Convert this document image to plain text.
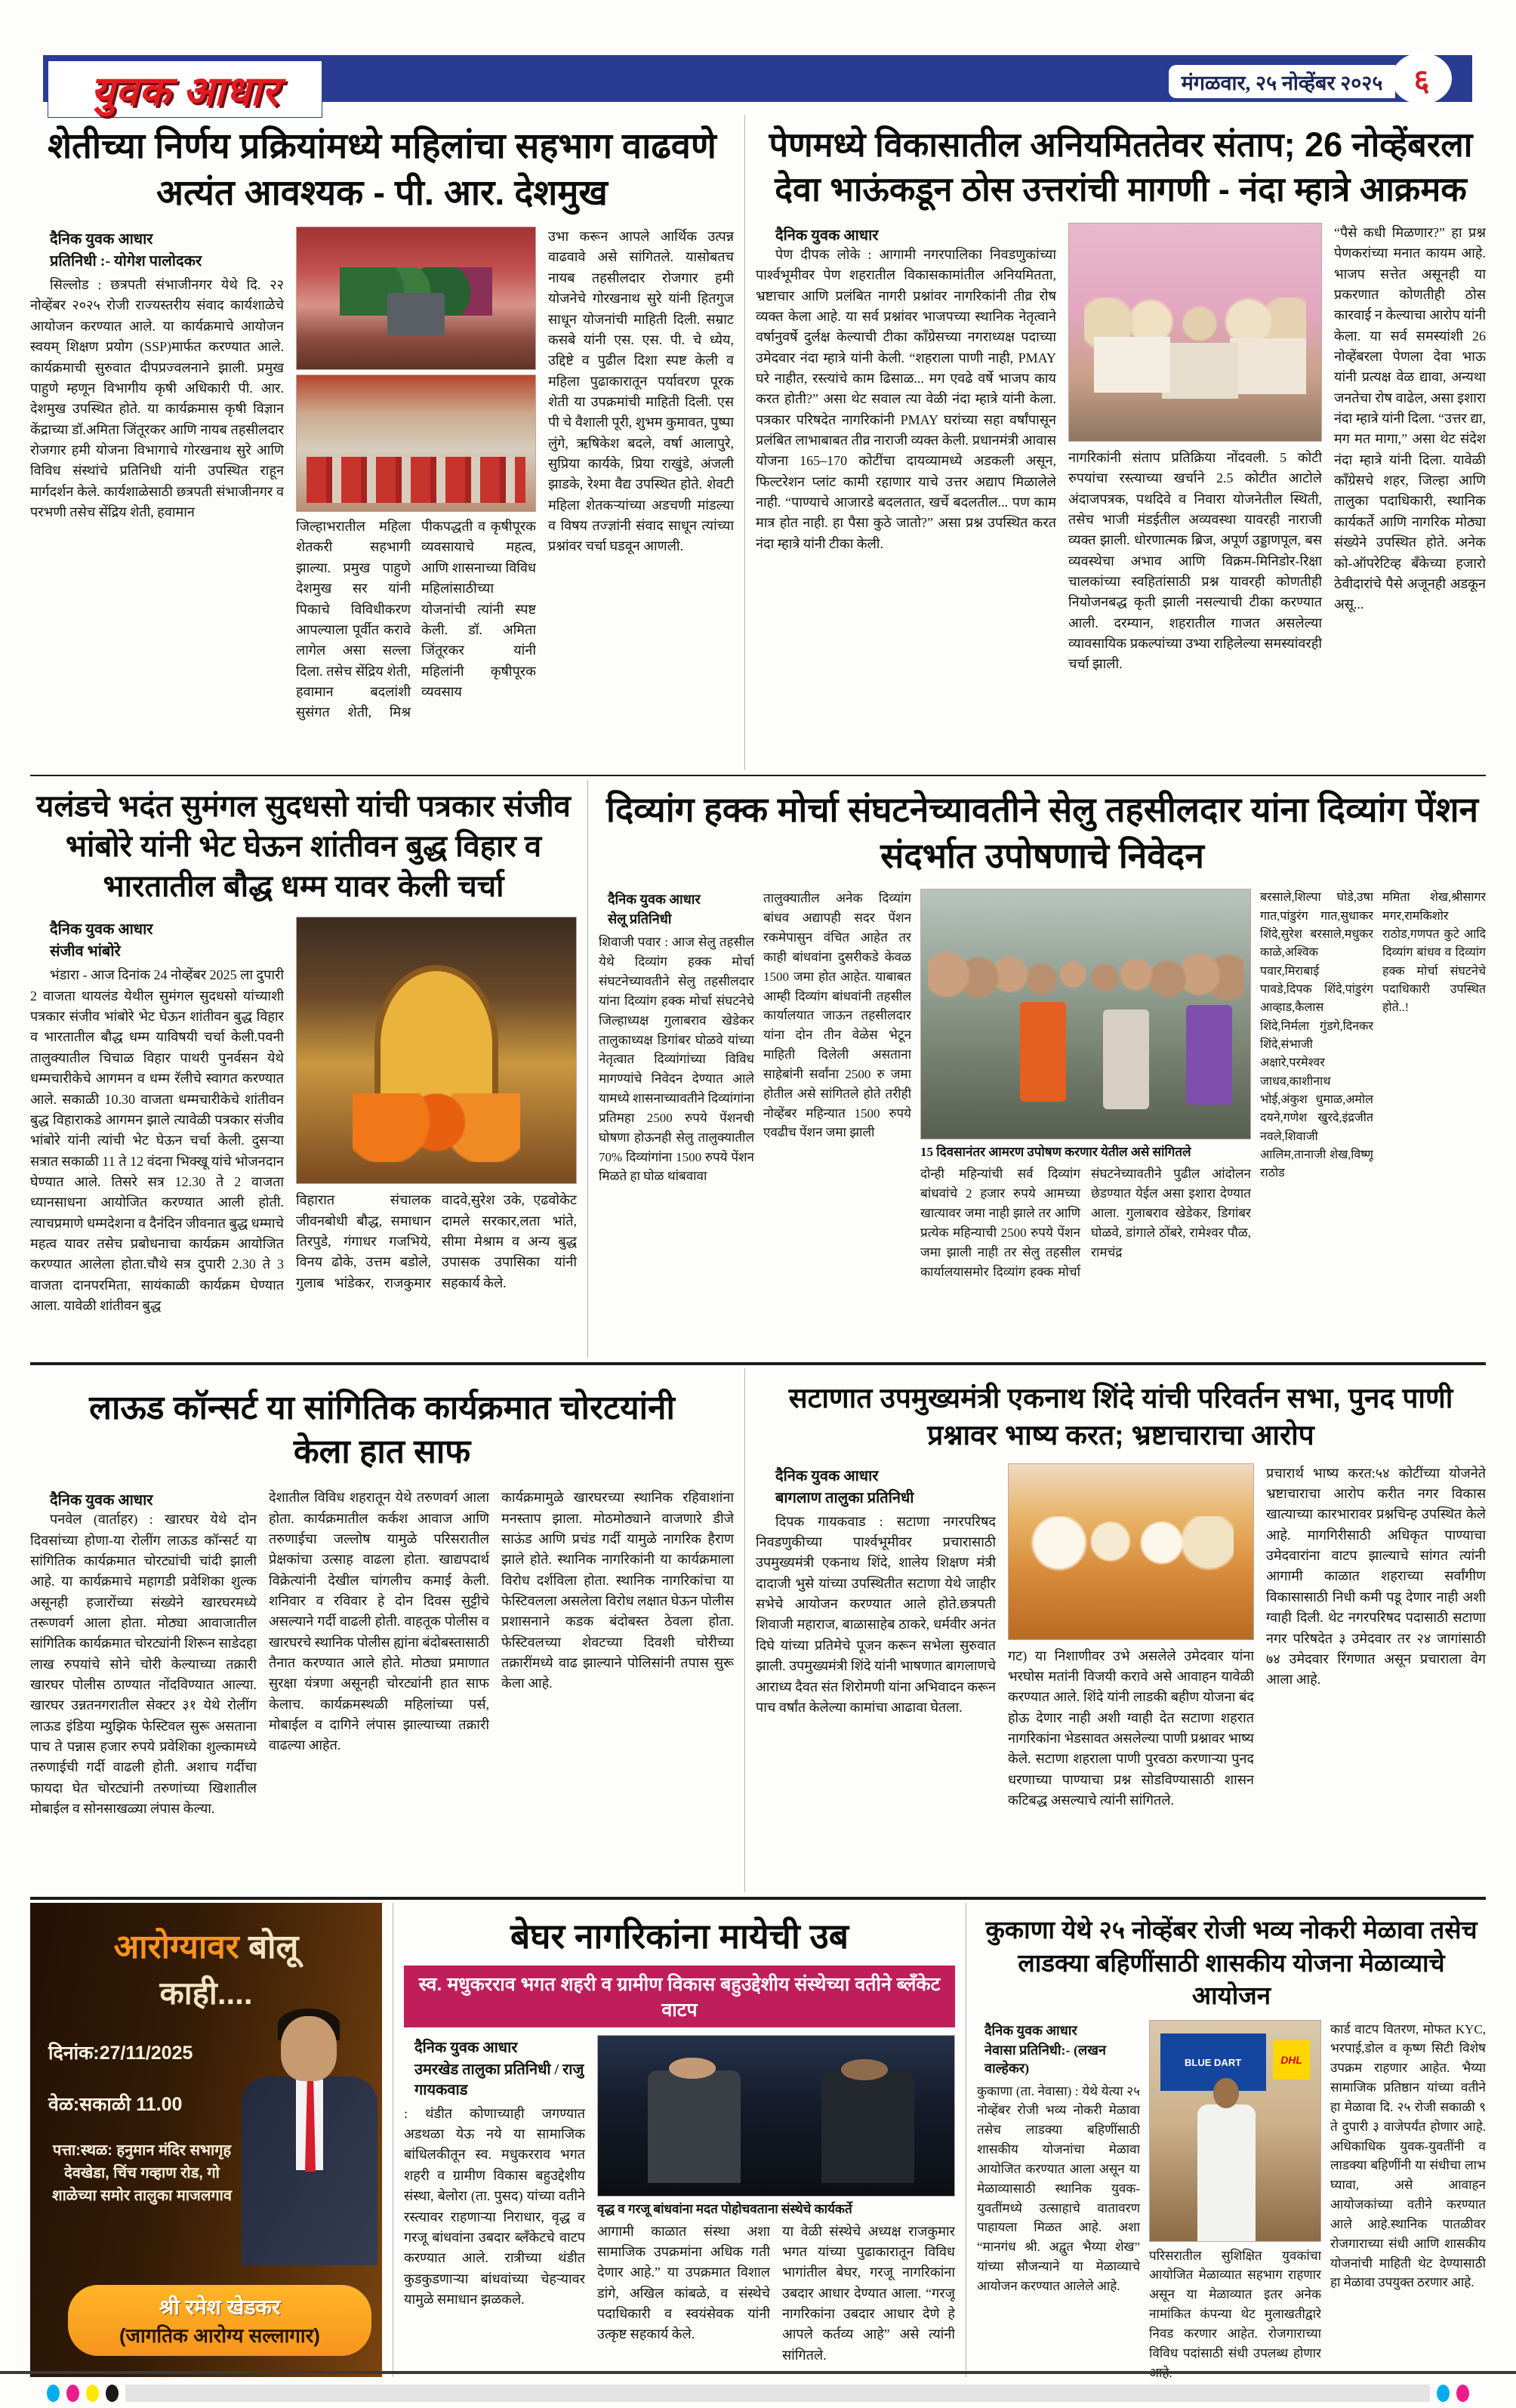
युवक आधार	मंगळवार, २५ नोव्हेंबर २०२५ ६
शेतीच्या निर्णय प्रक्रियांमध्ये महिलांचा सहभाग वाढवणे अत्यंत आवश्यक - पी. आर. देशमुख
दैनिक युवक आधार
प्रतिनिधी :- योगेश पालोदकर
सिल्लोड : छत्रपती संभाजीनगर येथे दि. २२ नोव्हेंबर २०२५ रोजी राज्यस्तरीय संवाद कार्यशाळेचे आयोजन करण्यात आले. या कार्यक्रमाचे आयोजन स्वयम् शिक्षण प्रयोग (SSP)मार्फत करण्यात आले. कार्यक्रमाची सुरुवात दीपप्रज्वलनाने झाली. प्रमुख पाहुणे म्हणून विभागीय कृषी अधिकारी पी. आर. देशमुख उपस्थित होते. या कार्यक्रमास कृषी विज्ञान केंद्राच्या डॉ.अमिता जिंतूरकर आणि नायब तहसीलदार रोजगार हमी योजना विभागाचे गोरखनाथ सुरे आणि विविध संस्थांचे प्रतिनिधी यांनी उपस्थित राहून मार्गदर्शन केले. कार्यशाळेसाठी छत्रपती संभाजीनगर व परभणी तसेच सेंद्रिय शेती, हवामान
जिल्हाभरातील महिला शेतकरी सहभागी झाल्या. प्रमुख पाहुणे देशमुख सर यांनी पिकाचे विविधीकरण आपल्याला पूर्वीत करावे लागेल असा सल्ला दिला. तसेच सेंद्रिय शेती, हवामान बदलांशी सुसंगत शेती, मिश्र पीकपद्धती व कृषीपूरक व्यवसायाचे महत्व, आणि शासनाच्या विविध महिलांसाठीच्या योजनांची त्यांनी स्पष्ट केली. डॉ. अमिता जिंतूरकर यांनी महिलांनी कृषीपूरक व्यवसाय
उभा करून आपले आर्थिक उत्पन्न वाढवावे असे सांगितले. यासोबतच नायब तहसीलदार रोजगार हमी योजनेचे गोरखनाथ सुरे यांनी हितगुज साधून योजनांची माहिती दिली. सम्राट कसबे यांनी एस. एस. पी. चे ध्येय, उद्दिष्टे व पुढील दिशा स्पष्ट केली व महिला पुढाकारातून पर्यावरण पूरक शेती या उपक्रमांची माहिती दिली. एस पी चे वैशाली पूरी, शुभम कुमावत, पुष्पा लुंगे, ऋषिकेश बदले, वर्षा आलापुरे, सुप्रिया कार्यके, प्रिया राखुंडे, अंजली झाडके, रेश्मा वैद्य उपस्थित होते. शेवटी महिला शेतकऱ्यांच्या अडचणी मांडल्या व विषय तज्ज्ञांनी संवाद साधून त्यांच्या प्रश्नांवर चर्चा घडवून आणली.
पेणमध्ये विकासातील अनियमिततेवर संताप; 26 नोव्हेंबरला देवा भाऊंकडून ठोस उत्तरांची मागणी - नंदा म्हात्रे आक्रमक
दैनिक युवक आधार
पेण दीपक लोके : आगामी नगरपालिका निवडणुकांच्या पार्श्वभूमीवर पेण शहरातील विकासकामांतील अनियमितता, भ्रष्टाचार आणि प्रलंबित नागरी प्रश्नांवर नागरिकांनी तीव्र रोष व्यक्त केला आहे. या सर्व प्रश्नांवर भाजपच्या स्थानिक नेतृत्वाने वर्षानुवर्षे दुर्लक्ष केल्याची टीका काँग्रेसच्या नगराध्यक्ष पदाच्या उमेदवार नंदा म्हात्रे यांनी केली. “शहराला पाणी नाही, PMAY घरे नाहीत, रस्त्यांचे काम ढिसाळ... मग एवढे वर्षे भाजप काय करत होती?” असा थेट सवाल त्या वेळी नंदा म्हात्रे यांनी केला. पत्रकार परिषदेत नागरिकांनी PMAY घरांच्या सहा वर्षांपासून प्रलंबित लाभाबाबत तीव्र नाराजी व्यक्त केली. प्रधानमंत्री आवास योजना 165–170 कोटींचा दायव्यामध्ये अडकली असून, फिल्टरेशन प्लांट कामी रहाणार याचे उत्तर अद्याप मिळालेले नाही. “पाण्याचे आजारडे बदलतात, खर्चे बदलतील... पण काम मात्र होत नाही. हा पैसा कुठे जातो?” असा प्रश्न उपस्थित करत नंदा म्हात्रे यांनी टीका केली.
नागरिकांनी संताप प्रतिक्रिया नोंदवली. 5 कोटी रुपयांचा रस्त्याच्या खर्चाने 2.5 कोटीत आटोले अंदाजपत्रक, पथदिवे व निवारा योजनेतील स्थिती, तसेच भाजी मंडईतील अव्यवस्था यावरही नाराजी व्यक्त झाली. धोरणात्मक ब्रिज, अपूर्ण उड्डाणपूल, बस व्यवस्थेचा अभाव आणि विक्रम-मिनिडोर-रिक्षा चालकांच्या स्वहितांसाठी प्रश्न यावरही कोणतीही नियोजनबद्ध कृती झाली नसल्याची टीका करण्यात आली. दरम्यान, शहरातील गाजत असलेल्या व्यावसायिक प्रकल्पांच्या उभ्या राहिलेल्या समस्यांवरही चर्चा झाली.
“पैसे कधी मिळणार?” हा प्रश्न पेणकरांच्या मनात कायम आहे. भाजप सत्तेत असूनही या प्रकरणात कोणतीही ठोस कारवाई न केल्याचा आरोप यांनी केला. या सर्व समस्यांशी 26 नोव्हेंबरला पेणला देवा भाऊ यांनी प्रत्यक्ष वेळ द्यावा, अन्यथा जनतेचा रोष वाढेल, असा इशारा नंदा म्हात्रे यांनी दिला. “उत्तर द्या, मग मत मागा,” असा थेट संदेश नंदा म्हात्रे यांनी दिला. यावेळी काँग्रेसचे शहर, जिल्हा आणि तालुका पदाधिकारी, स्थानिक कार्यकर्ते आणि नागरिक मोठ्या संख्येने उपस्थित होते. अनेक को-ऑपरेटिव्ह बँकेच्या हजारो ठेवीदारांचे पैसे अजूनही अडकून असू...
यलंडचे भदंत सुमंगल सुदधसो यांची पत्रकार संजीव भांबोरे यांनी भेट घेऊन शांतीवन बुद्ध विहार व भारतातील बौद्ध धम्म यावर केली चर्चा
दैनिक युवक आधार
संजीव भांबोरे
भंडारा - आज दिनांक 24 नोव्हेंबर 2025 ला दुपारी 2 वाजता थायलंड येथील सुमंगल सुदधसो यांच्याशी पत्रकार संजीव भांबोरे भेट घेऊन शांतीवन बुद्ध विहार व भारतातील बौद्ध धम्म याविषयी चर्चा केली.पवनी तालुक्यातील चिचाळ विहार पाथरी पुनर्वसन येथे धम्मचारीकेचे आगमन व धम्म रॅलीचे स्वागत करण्यात आले. सकाळी 10.30 वाजता धम्मचारीकेचे शांतीवन बुद्ध विहाराकडे आगमन झाले त्यावेळी पत्रकार संजीव भांबोरे यांनी त्यांची भेट घेऊन चर्चा केली. दुसऱ्या सत्रात सकाळी 11 ते 12 वंदना भिक्खू यांचे भोजनदान घेण्यात आले. तिसरे सत्र 12.30 ते 2 वाजता ध्यानसाधना आयोजित करण्यात आली होती. त्याचप्रमाणे धम्मदेशना व दैनंदिन जीवनात बुद्ध धम्माचे महत्व यावर तसेच प्रबोधनाचा कार्यक्रम आयोजित करण्यात आलेला होता.चौथे सत्र दुपारी 2.30 ते 3 वाजता दानपरमिता, सायंकाळी कार्यक्रम घेण्यात आला. यावेळी शांतीवन बुद्ध
विहारात संचालक जीवनबोधी बौद्ध, समाधान तिरपुडे, गंगाधर गजभिये, विनय ढोके, उत्तम बडोले, गुलाब भांडेकर, राजकुमार वादवे,सुरेश उके, एढवोकेट दामले सरकार,लता भांते, सीमा मेश्राम व अन्य बुद्ध उपासक उपासिका यांनी सहकार्य केले.
दिव्यांग हक्क मोर्चा संघटनेच्यावतीने सेलु तहसीलदार यांना दिव्यांग पेंशन संदर्भात उपोषणाचे निवेदन
दैनिक युवक आधार
सेलू प्रतिनिधी
शिवाजी पवार : आज सेलु तहसील येथे दिव्यांग हक्क मोर्चा संघटनेच्यावतीने सेलु तहसीलदार यांना दिव्यांग हक्क मोर्चा संघटनेचे जिल्हाध्यक्ष गुलाबराव खेडेकर तालुकाध्यक्ष डिगांबर घोळवे यांच्या नेतृत्वात दिव्यांगांच्या विविध मागण्यांचे निवेदन देण्यात आले यामध्ये शासनाच्यावतीने दिव्यांगांना प्रतिमहा 2500 रुपये पेंशनची घोषणा होऊनही सेलु तालुक्यातील 70% दिव्यांगांना 1500 रुपये पेंशन मिळते हा घोळ थांबवावा
तालुक्यातील अनेक दिव्यांग बांधव अद्यापही सदर पेंशन रकमेपासुन वंचित आहेत तर काही बांधवांना दुसरीकडे केवळ 1500 जमा होत आहेत. याबाबत आम्ही दिव्यांग बांधवांनी तहसील कार्यालयात जाऊन तहसीलदार यांना दोन तीन वेळेस भेटून माहिती दिलेली असताना साहेबांनी सर्वांना 2500 रु जमा होतील असे सांगितले होते तरीही नोव्हेंबर महिन्यात 1500 रुपये एवढीच पेंशन जमा झाली
15 दिवसानंतर आमरण उपोषण करणार येतील असे सांगितले
दोन्ही महिन्यांची सर्व दिव्यांग बांधवांचे 2 हजार रुपये आमच्या खात्यावर जमा नाही झाले तर आणि प्रत्येक महिन्याची 2500 रुपये पेंशन जमा झाली नाही तर सेलु तहसील कार्यालयासमोर दिव्यांग हक्क मोर्चा संघटनेच्यावतीने पुढील आंदोलन छेडण्यात येईल असा इशारा देण्यात आला. गुलाबराव खेडेकर, डिगांबर घोळवे, डांगाले ठोंबरे, रामेश्वर पौळ, रामचंद्र
बरसाले,शिल्पा घोडे,उषा गात,पांडुरंग गात,सुधाकर शिंदे,सुरेश बरसाले,मधुकर काळे,अश्विक पवार,मिराबाई पावडे,दिपक शिंदे,पांडुरंग आव्हाड,कैलास शिंदे,निर्मला गुंडगे,दिनकर शिंदे,संभाजी अक्षारे,परमेश्वर जाधव,काशीनाथ भोई,अंकुश धुमाळ,अमोल दयने,गणेश खुरदे,इंद्रजीत नवले,शिवाजी आलिम,तानाजी शेख,विष्णू राठोड
ममिता शेख,श्रीसागर मगर,रामकिशोर राठोड,गणपत कुटे आदि दिव्यांग बांधव व दिव्यांग हक्क मोर्चा संघटनेचे पदाधिकारी उपस्थित होते..!
लाऊड कॉन्सर्ट या सांगितिक कार्यक्रमात चोरटयांनी केला हात साफ
दैनिक युवक आधार
पनवेल (वार्ताहर) : खारघर येथे दोन दिवसांच्या होणा-या रोलींग लाऊड कॉन्सर्ट या सांगितिक कार्यक्रमात चोरट्यांची चांदी झाली आहे. या कार्यक्रमाचे महागडी प्रवेशिका शुल्क असूनही हजारोंच्या संख्येने खारघरमध्ये तरूणवर्ग आला होता. मोठ्या आवाजातील सांगितिक कार्यक्रमात चोरट्यांनी शिरून साडेदहा लाख रुपयांचे सोने चोरी केल्याच्या तक्रारी खारघर पोलीस ठाण्यात नोंदविण्यात आल्या. खारघर उन्नतनगरातील सेक्टर ३१ येथे रोलींग लाऊड इंडिया म्युझिक फेस्टिवल सुरू असताना पाच ते पन्नास हजार रुपये प्रवेशिका शुल्कामध्ये तरुणाईची गर्दी वाढली होती. अशाच गर्दीचा फायदा घेत चोरट्यांनी तरुणांच्या खिशातील मोबाईल व सोनसाखळ्या लंपास केल्या.
देशातील विविध शहरातून येथे तरुणवर्ग आला होता. कार्यक्रमातील कर्कश आवाज आणि तरुणाईचा जल्लोष यामुळे परिसरातील प्रेक्षकांचा उत्साह वाढला होता. खाद्यपदार्थ विक्रेत्यांनी देखील चांगलीच कमाई केली. शनिवार व रविवार हे दोन दिवस सुट्टीचे असल्याने गर्दी वाढली होती. वाहतूक पोलीस व खारघरचे स्थानिक पोलीस ह्यांना बंदोबस्तासाठी तैनात करण्यात आले होते. मोठ्या प्रमाणात सुरक्षा यंत्रणा असूनही चोरट्यांनी हात साफ केलाच. कार्यक्रमस्थळी महिलांच्या पर्स, मोबाईल व दागिने लंपास झाल्याच्या तक्रारी वाढल्या आहेत.
कार्यक्रमामुळे खारघरच्या स्थानिक रहिवाशांना मनस्ताप झाला. मोठमोठ्याने वाजणारे डीजे साऊंड आणि प्रचंड गर्दी यामुळे नागरिक हैराण झाले होते. स्थानिक नागरिकांनी या कार्यक्रमाला विरोध दर्शविला होता. स्थानिक नागरिकांचा या फेस्टिवलला असलेला विरोध लक्षात घेऊन पोलीस प्रशासनाने कडक बंदोबस्त ठेवला होता. फेस्टिवलच्या शेवटच्या दिवशी चोरीच्या तक्रारींमध्ये वाढ झाल्याने पोलिसांनी तपास सुरू केला आहे.
सटाणात उपमुख्यमंत्री एकनाथ शिंदे यांची परिवर्तन सभा, पुनद पाणी प्रश्नावर भाष्य करत; भ्रष्टाचाराचा आरोप
दैनिक युवक आधार
बागलाण तालुका प्रतिनिधी
दिपक गायकवाड : सटाणा नगरपरिषद निवडणुकीच्या पार्श्वभूमीवर प्रचारासाठी उपमुख्यमंत्री एकनाथ शिंदे, शालेय शिक्षण मंत्री दादाजी भुसे यांच्या उपस्थितीत सटाणा येथे जाहीर सभेचे आयोजन करण्यात आले होते.छत्रपती शिवाजी महाराज, बाळासाहेब ठाकरे, धर्मवीर अनंत दिघे यांच्या प्रतिमेचे पूजन करून सभेला सुरुवात झाली. उपमुख्यमंत्री शिंदे यांनी भाषणात बागलाणचे आराध्य दैवत संत शिरोमणी यांना अभिवादन करून पाच वर्षांत केलेल्या कामांचा आढावा घेतला.
गट) या निशाणीवर उभे असलेले उमेदवार यांना भरघोस मतांनी विजयी करावे असे आवाहन यावेळी करण्यात आले. शिंदे यांनी लाडकी बहीण योजना बंद होऊ देणार नाही अशी ग्वाही देत सटाणा शहरात नागरिकांना भेडसावत असलेल्या पाणी प्रश्नावर भाष्य केले. सटाणा शहराला पाणी पुरवठा करणाऱ्या पुनद धरणाच्या पाण्याचा प्रश्न सोडविण्यासाठी शासन कटिबद्ध असल्याचे त्यांनी सांगितले.
प्रचारार्थ भाष्य करत:५४ कोटींच्या योजनेते भ्रष्टाचाराचा आरोप करीत नगर विकास खात्याच्या कारभारावर प्रश्नचिन्ह उपस्थित केले आहे. मागगिरीसाठी अधिकृत पाण्याचा उमेदवारांना वाटप झाल्याचे सांगत त्यांनी आगामी काळात शहराच्या सर्वांगीण विकासासाठी निधी कमी पडू देणार नाही अशी ग्वाही दिली. थेट नगरपरिषद पदासाठी सटाणा नगर परिषदेत ३ उमेदवार तर २४ जागांसाठी ७४ उमेदवार रिंगणात असून प्रचाराला वेग आला आहे.
आरोग्यावर बोलू
काही....
दिनांक:27/11/2025
वेळ:सकाळी 11.00
पत्ता:स्थळ: हनुमान मंदिर सभागृह देवखेडा, चिंच गव्हाण रोड, गो शाळेच्या समोर तालुका माजलगाव
श्री रमेश खेडकर
(जागतिक आरोग्य सल्लागार)
बेघर नागरिकांना मायेची उब
स्व. मधुकरराव भगत शहरी व ग्रामीण विकास बहुउद्देशीय संस्थेच्या वतीने ब्लॅंकेट वाटप
दैनिक युवक आधार
उमरखेड तालुका प्रतिनिधी / राजु गायकवाड
: थंडीत कोणाच्याही जगण्यात अडथळा येऊ नये या सामाजिक बांधिलकीतून स्व. मधुकरराव भगत शहरी व ग्रामीण विकास बहुउद्देशीय संस्था, बेलोरा (ता. पुसद) यांच्या वतीने रस्त्यावर राहणाऱ्या निराधार, वृद्ध व गरजू बांधवांना उबदार ब्लॅंकेटचे वाटप करण्यात आले. रात्रीच्या थंडीत कुडकुडणाऱ्या बांधवांच्या चेहऱ्यावर यामुळे समाधान झळकले.
वृद्ध व गरजू बांधवांना मदत पोहोचवताना संस्थेचे कार्यकर्ते
आगामी काळात संस्था अशा सामाजिक उपक्रमांना अधिक गती देणार आहे.” या उपक्रमात विशाल डांगे, अखिल कांबळे, व संस्थेचे पदाधिकारी व स्वयंसेवक यांनी उत्कृष्ट सहकार्य केले.
या वेळी संस्थेचे अध्यक्ष राजकुमार भगत यांच्या पुढाकारातून विविध भागांतील बेघर, गरजू नागरिकांना उबदार आधार देण्यात आला. “गरजू नागरिकांना उबदार आधार देणे हे आपले कर्तव्य आहे” असे त्यांनी सांगितले.
कुकाणा येथे २५ नोव्हेंबर रोजी भव्य नोकरी मेळावा तसेच लाडक्या बहिणींसाठी शासकीय योजना मेळाव्याचे आयोजन
दैनिक युवक आधार
नेवासा प्रतिनिधी:- (लखन वाल्हेकर)
कुकाणा (ता. नेवासा) : येथे येत्या २५ नोव्हेंबर रोजी भव्य नोकरी मेळावा तसेच लाडक्या बहिणींसाठी शासकीय योजनांचा मेळावा आयोजित करण्यात आला असून या मेळाव्यासाठी स्थानिक युवक-युवतींमध्ये उत्साहाचे वातावरण पाहायला मिळत आहे. अशा “मानगंध श्री. अद्वुत भैय्या शेख” यांच्या सौजन्याने या मेळाव्याचे आयोजन करण्यात आलेले आहे.
BLUE DART	DHL
परिसरातील सुशिक्षित युवकांचा आयोजित मेळाव्यात सहभाग राहणार असून या मेळाव्यात इतर अनेक नामांकित कंपन्या थेट मुलाखतीद्वारे निवड करणार आहेत. रोजगाराच्या विविध पदांसाठी संधी उपलब्ध होणार आहे.
कार्ड वाटप वितरण, मोफत KYC, भरपाई,डोल व कृष्ण सिटी विशेष उपक्रम राहणार आहेत. भैय्या सामाजिक प्रतिष्ठान यांच्या वतीने हा मेळावा दि. २५ रोजी सकाळी ९ ते दुपारी ३ वाजेपर्यंत होणार आहे. अधिकाधिक युवक-युवतींनी व लाडक्या बहिणींनी या संधीचा लाभ घ्यावा, असे आवाहन आयोजकांच्या वतीने करण्यात आले आहे.स्थानिक पातळीवर रोजगाराच्या संधी आणि शासकीय योजनांची माहिती थेट देण्यासाठी हा मेळावा उपयुक्त ठरणार आहे.
